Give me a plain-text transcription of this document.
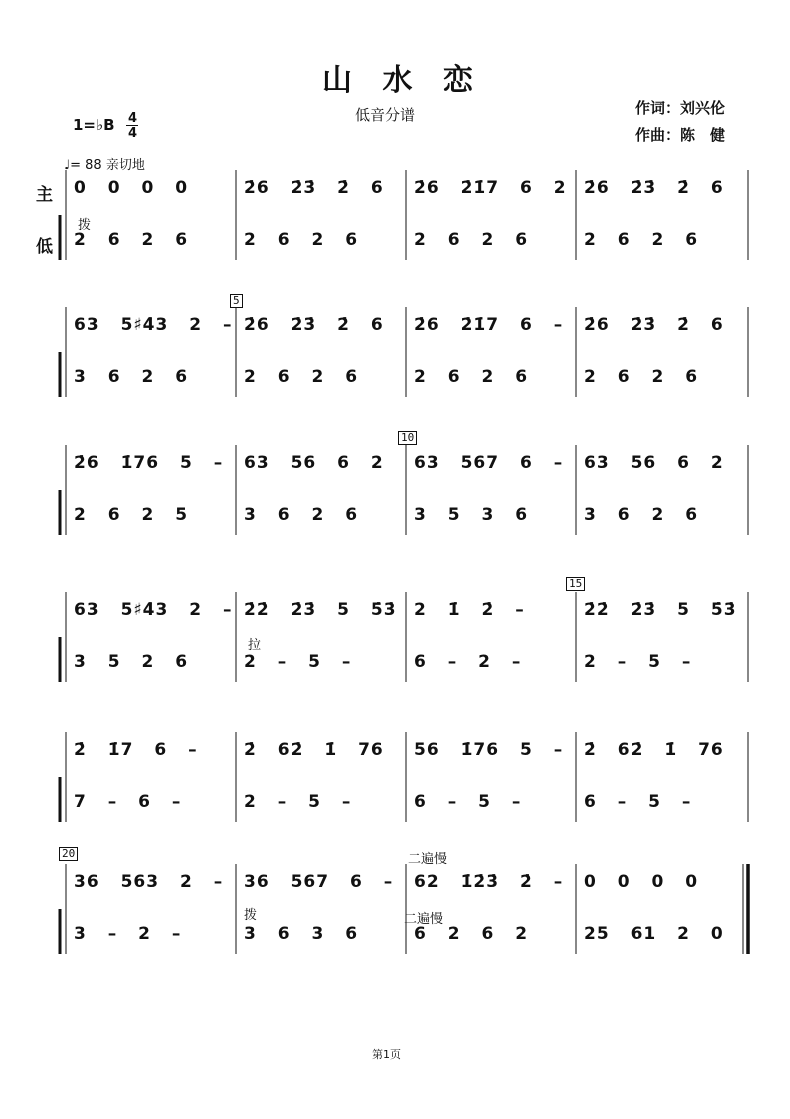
山 水 恋
低音分谱	作词：刘兴伦
作曲：陈　健
1=♭B 4
4
♩= 88 亲切地
主
低
拨
拉
拨
二遍慢
二遍慢
5
10
15
20
0 0 0 0	2̇6 2̇3̇ 2̇ 6 2̇6 2̇1̇7 6 2 2̇6 2̇3̇ 2̇ 6
2 6 2 6	2 6 2 6	2 6 2 6	2 6 2 6
63 5♯4̇3 2 – 2̇6 2̇3̇ 2̇ 6 2̇6 2̇1̇7 6 – 2̇6 2̇3̇ 2̇ 6
3 6 2 6	2 6 2 6	2 6 2 6	2 6 2 6
2̇6 1̇76 5 – 63 56 6 2 63 567 6 – 63 56 6 2
2 6 2 5	3 6 2 6	3 5 3 6	3 6 2 6
63 5♯4̇3 2 – 2̇2̇ 2̇3̇ 5 5̇3̇ 2 1̇ 2̇ –	2̇2̇ 2̇3̇ 5 5̇3̇
3 5 2 6	2 – 5 –	6 – 2 –	2 – 5 –
2̇ 1̇7 6 –	2̇ 62̇ 1̇ 76 56 1̇76 5 – 2̇ 62̇ 1̇ 76
7 – 6 –	2 – 5 –	6 – 5 –	6 – 5 –
36 563 2 – 36 567 6 – 62 1̇2̇3̇ 2̇ – 0 0 0 0
3 – 2 –	3 6 3 6	6 2 6 2	25 61 2 0
第1页
